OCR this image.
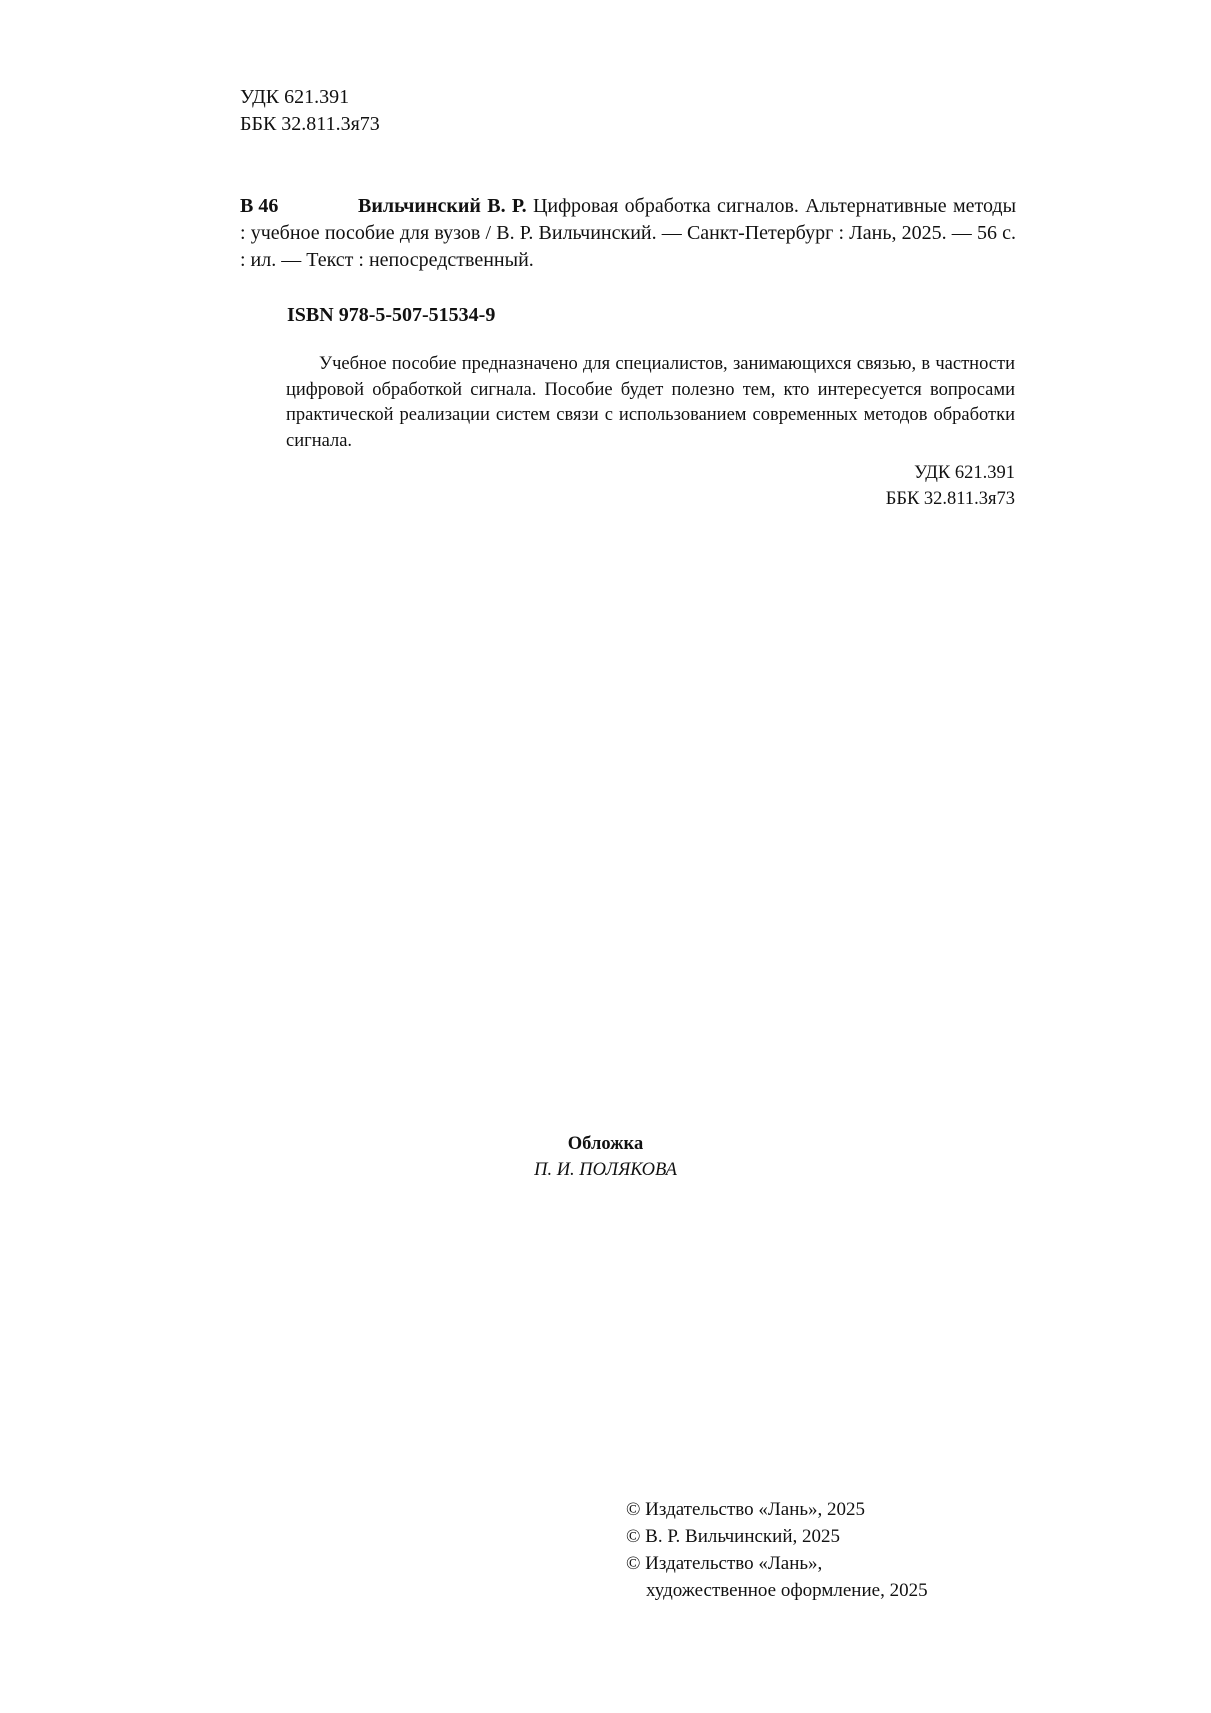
УДК 621.391
ББК 32.811.3я73
В 46	Вильчинский В. Р. Цифровая обработка сигналов. Альтернативные методы : учебное пособие для вузов / В. Р. Вильчинский. — Санкт-Петербург : Лань, 2025. — 56 с. : ил. — Текст : непосредственный.
ISBN 978-5-507-51534-9
Учебное пособие предназначено для специалистов, занимающихся связью, в частности цифровой обработкой сигнала. Пособие будет полезно тем, кто интересуется вопросами практической реализации систем связи с использованием современных методов обработки сигнала.
УДК 621.391
ББК 32.811.3я73
Обложка
П. И. ПОЛЯКОВА
© Издательство «Лань», 2025
© В. Р. Вильчинский, 2025
© Издательство «Лань»,
художественное оформление, 2025
